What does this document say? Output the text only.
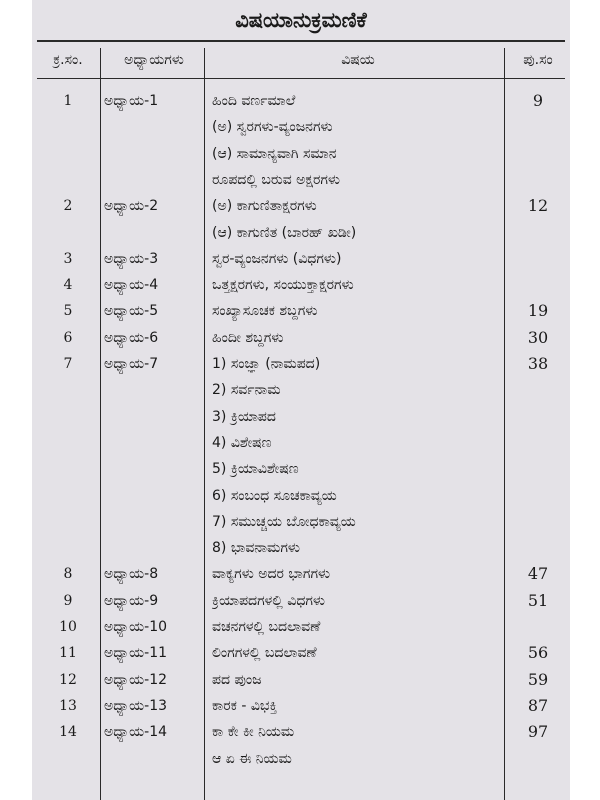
ವಿಷಯಾನುಕ್ರಮಣಿಕೆ
ಕ್ರ.ಸಂ.	ಅಧ್ಯಾಯಗಳು	ವಿಷಯ	ಪು.ಸಂ
1	ಅಧ್ಯಾಯ-1	ಹಿಂದಿ ವರ್ಣಮಾಲೆ	9
(ಅ) ಸ್ವರಗಳು-ವ್ಯಂಜನಗಳು
(ಆ) ಸಾಮಾನ್ಯವಾಗಿ ಸಮಾನ
ರೂಪದಲ್ಲಿ ಬರುವ ಅಕ್ಷರಗಳು
2	ಅಧ್ಯಾಯ-2	(ಅ) ಕಾಗುಣಿತಾಕ್ಷರಗಳು	12
(ಆ) ಕಾಗುಣಿತ (ಬಾರಹ್ ಖಡೀ)
3	ಅಧ್ಯಾಯ-3	ಸ್ವರ-ವ್ಯಂಜನಗಳು (ವಿಧಗಳು)
4	ಅಧ್ಯಾಯ-4	ಒತ್ತಕ್ಷರಗಳು, ಸಂಯುಕ್ತಾಕ್ಷರಗಳು
5	ಅಧ್ಯಾಯ-5	ಸಂಖ್ಯಾಸೂಚಕ ಶಬ್ದಗಳು	19
6	ಅಧ್ಯಾಯ-6	ಹಿಂದೀ ಶಬ್ದಗಳು	30
7	ಅಧ್ಯಾಯ-7	1) ಸಂಜ್ಞಾ (ನಾಮಪದ)	38
2) ಸರ್ವನಾಮ
3) ಕ್ರಿಯಾಪದ
4) ವಿಶೇಷಣ
5) ಕ್ರಿಯಾವಿಶೇಷಣ
6) ಸಂಬಂಧ ಸೂಚಕಾವ್ಯಯ
7) ಸಮುಚ್ಚಯ ಬೋಧಕಾವ್ಯಯ
8) ಭಾವನಾಮಗಳು
8	ಅಧ್ಯಾಯ-8	ವಾಕ್ಯಗಳು ಅದರ ಭಾಗಗಳು	47
9	ಅಧ್ಯಾಯ-9	ಕ್ರಿಯಾಪದಗಳಲ್ಲಿ ವಿಧಗಳು	51
10	ಅಧ್ಯಾಯ-10	ವಚನಗಳಲ್ಲಿ ಬದಲಾವಣೆ
11	ಅಧ್ಯಾಯ-11	ಲಿಂಗಗಳಲ್ಲಿ ಬದಲಾವಣೆ	56
12	ಅಧ್ಯಾಯ-12	ಪದ ಪುಂಜ	59
13	ಅಧ್ಯಾಯ-13	ಕಾರಕ - ವಿಭಕ್ತಿ	87
14	ಅಧ್ಯಾಯ-14	ಕಾ ಕೇ ಕೀ ನಿಯಮ	97
ಆ ಏ ಈ ನಿಯಮ
